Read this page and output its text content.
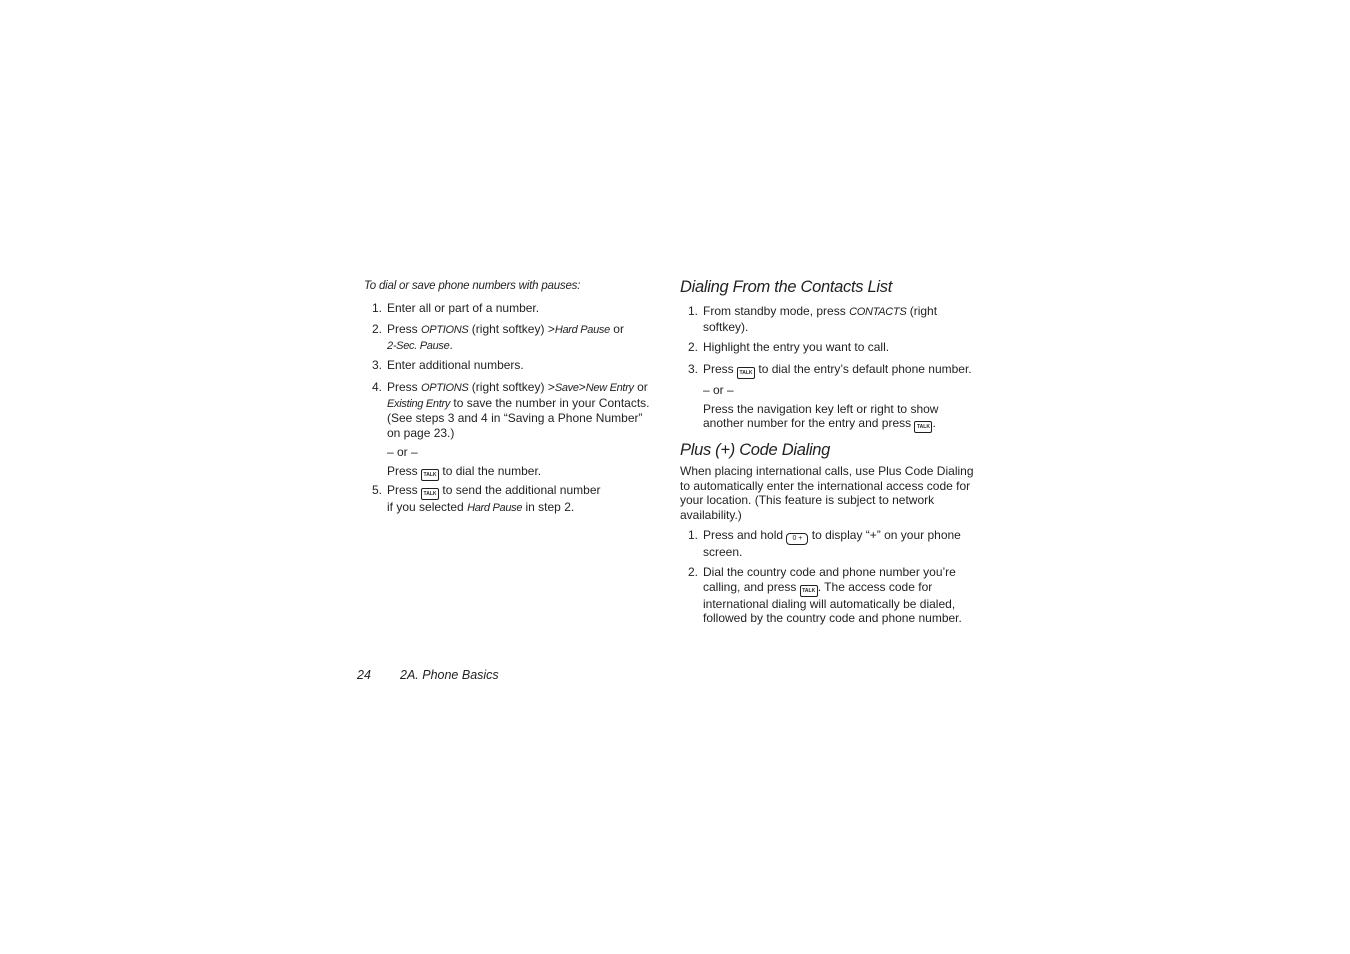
To dial or save phone numbers with pauses:
1. Enter all or part of a number.
2. Press OPTIONS (right softkey) >Hard Pause or
2-Sec. Pause.
3. Enter additional numbers.
4. Press OPTIONS (right softkey) >Save>New Entry or
Existing Entry to save the number in your Contacts.
(See steps 3 and 4 in “Saving a Phone Number”
on page 23.)
– or –
Press TALK to dial the number.
5. Press TALK to send the additional number
if you selected Hard Pause in step 2.
Dialing From the Contacts List
1. From standby mode, press CONTACTS (right
softkey).
2. Highlight the entry you want to call.
3. Press TALK to dial the entry’s default phone number.
– or –
Press the navigation key left or right to show
another number for the entry and press TALK .
Plus (+) Code Dialing
When placing international calls, use Plus Code Dialing
to automatically enter the international access code for
your location. (This feature is subject to network
availability.)
1. Press and hold 0 + to display “+” on your phone
screen.
2. Dial the country code and phone number you’re
calling, and press TALK . The access code for
international dialing will automatically be dialed,
followed by the country code and phone number.
24 2A. Phone Basics
